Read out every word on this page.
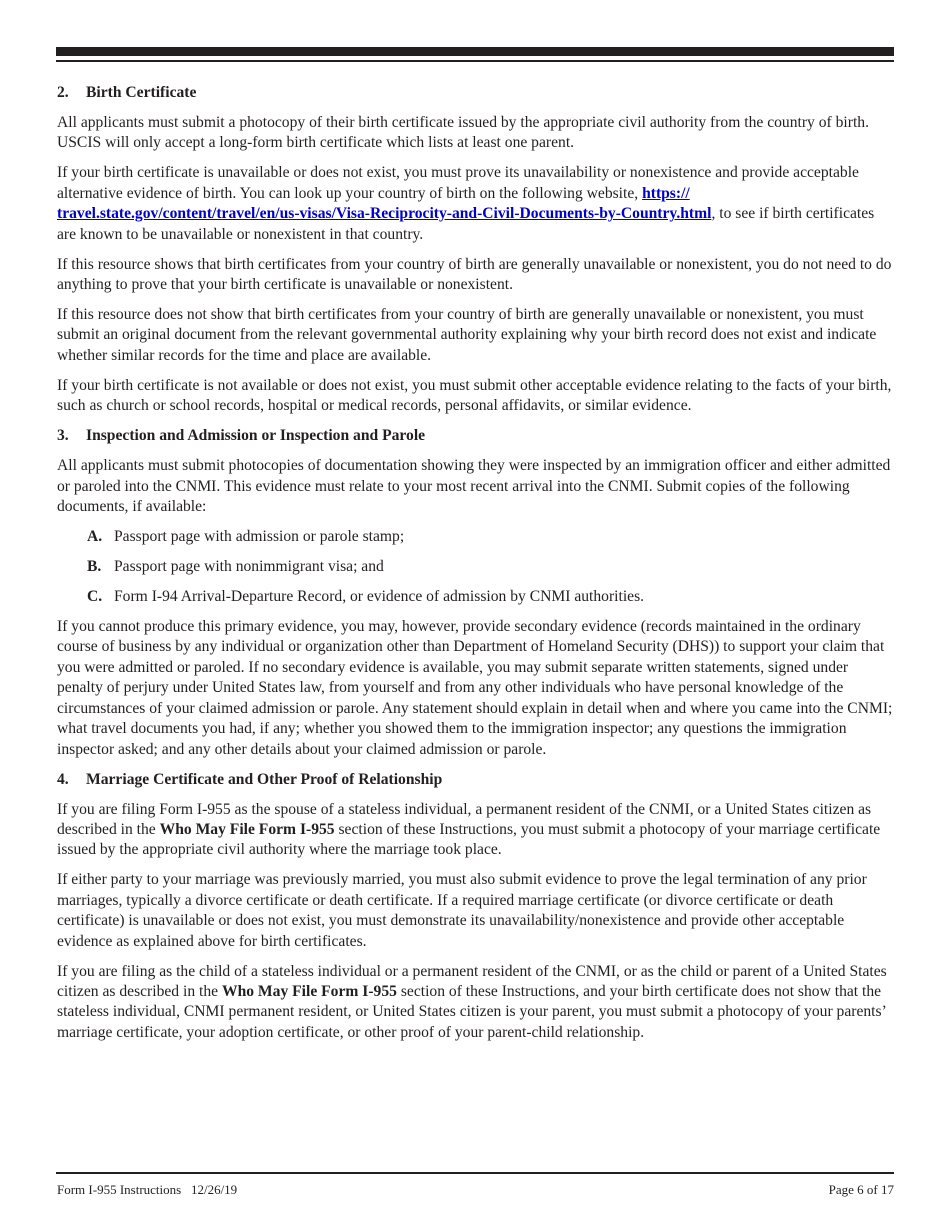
2. Birth Certificate

All applicants must submit a photocopy of their birth certificate issued by the appropriate civil authority from the country of birth. USCIS will only accept a long-form birth certificate which lists at least one parent.

If your birth certificate is unavailable or does not exist, you must prove its unavailability or nonexistence and provide acceptable alternative evidence of birth. You can look up your country of birth on the following website, https:// travel.state.gov/content/travel/en/us-visas/Visa-Reciprocity-and-Civil-Documents-by-Country.html, to see if birth certificates are known to be unavailable or nonexistent in that country.

If this resource shows that birth certificates from your country of birth are generally unavailable or nonexistent, you do not need to do anything to prove that your birth certificate is unavailable or nonexistent.

If this resource does not show that birth certificates from your country of birth are generally unavailable or nonexistent, you must submit an original document from the relevant governmental authority explaining why your birth record does not exist and indicate whether similar records for the time and place are available.

If your birth certificate is not available or does not exist, you must submit other acceptable evidence relating to the facts of your birth, such as church or school records, hospital or medical records, personal affidavits, or similar evidence.

3. Inspection and Admission or Inspection and Parole

All applicants must submit photocopies of documentation showing they were inspected by an immigration officer and either admitted or paroled into the CNMI. This evidence must relate to your most recent arrival into the CNMI. Submit copies of the following documents, if available:

A. Passport page with admission or parole stamp;
B. Passport page with nonimmigrant visa; and
C. Form I-94 Arrival-Departure Record, or evidence of admission by CNMI authorities.

If you cannot produce this primary evidence, you may, however, provide secondary evidence (records maintained in the ordinary course of business by any individual or organization other than Department of Homeland Security (DHS)) to support your claim that you were admitted or paroled. If no secondary evidence is available, you may submit separate written statements, signed under penalty of perjury under United States law, from yourself and from any other individuals who have personal knowledge of the circumstances of your claimed admission or parole. Any statement should explain in detail when and where you came into the CNMI; what travel documents you had, if any; whether you showed them to the immigration inspector; any questions the immigration inspector asked; and any other details about your claimed admission or parole.

4. Marriage Certificate and Other Proof of Relationship

If you are filing Form I-955 as the spouse of a stateless individual, a permanent resident of the CNMI, or a United States citizen as described in the Who May File Form I-955 section of these Instructions, you must submit a photocopy of your marriage certificate issued by the appropriate civil authority where the marriage took place.

If either party to your marriage was previously married, you must also submit evidence to prove the legal termination of any prior marriages, typically a divorce certificate or death certificate. If a required marriage certificate (or divorce certificate or death certificate) is unavailable or does not exist, you must demonstrate its unavailability/nonexistence and provide other acceptable evidence as explained above for birth certificates.

If you are filing as the child of a stateless individual or a permanent resident of the CNMI, or as the child or parent of a United States citizen as described in the Who May File Form I-955 section of these Instructions, and your birth certificate does not show that the stateless individual, CNMI permanent resident, or United States citizen is your parent, you must submit a photocopy of your parents’ marriage certificate, your adoption certificate, or other proof of your parent-child relationship.

Form I-955 Instructions   12/26/19	Page 6 of 17
